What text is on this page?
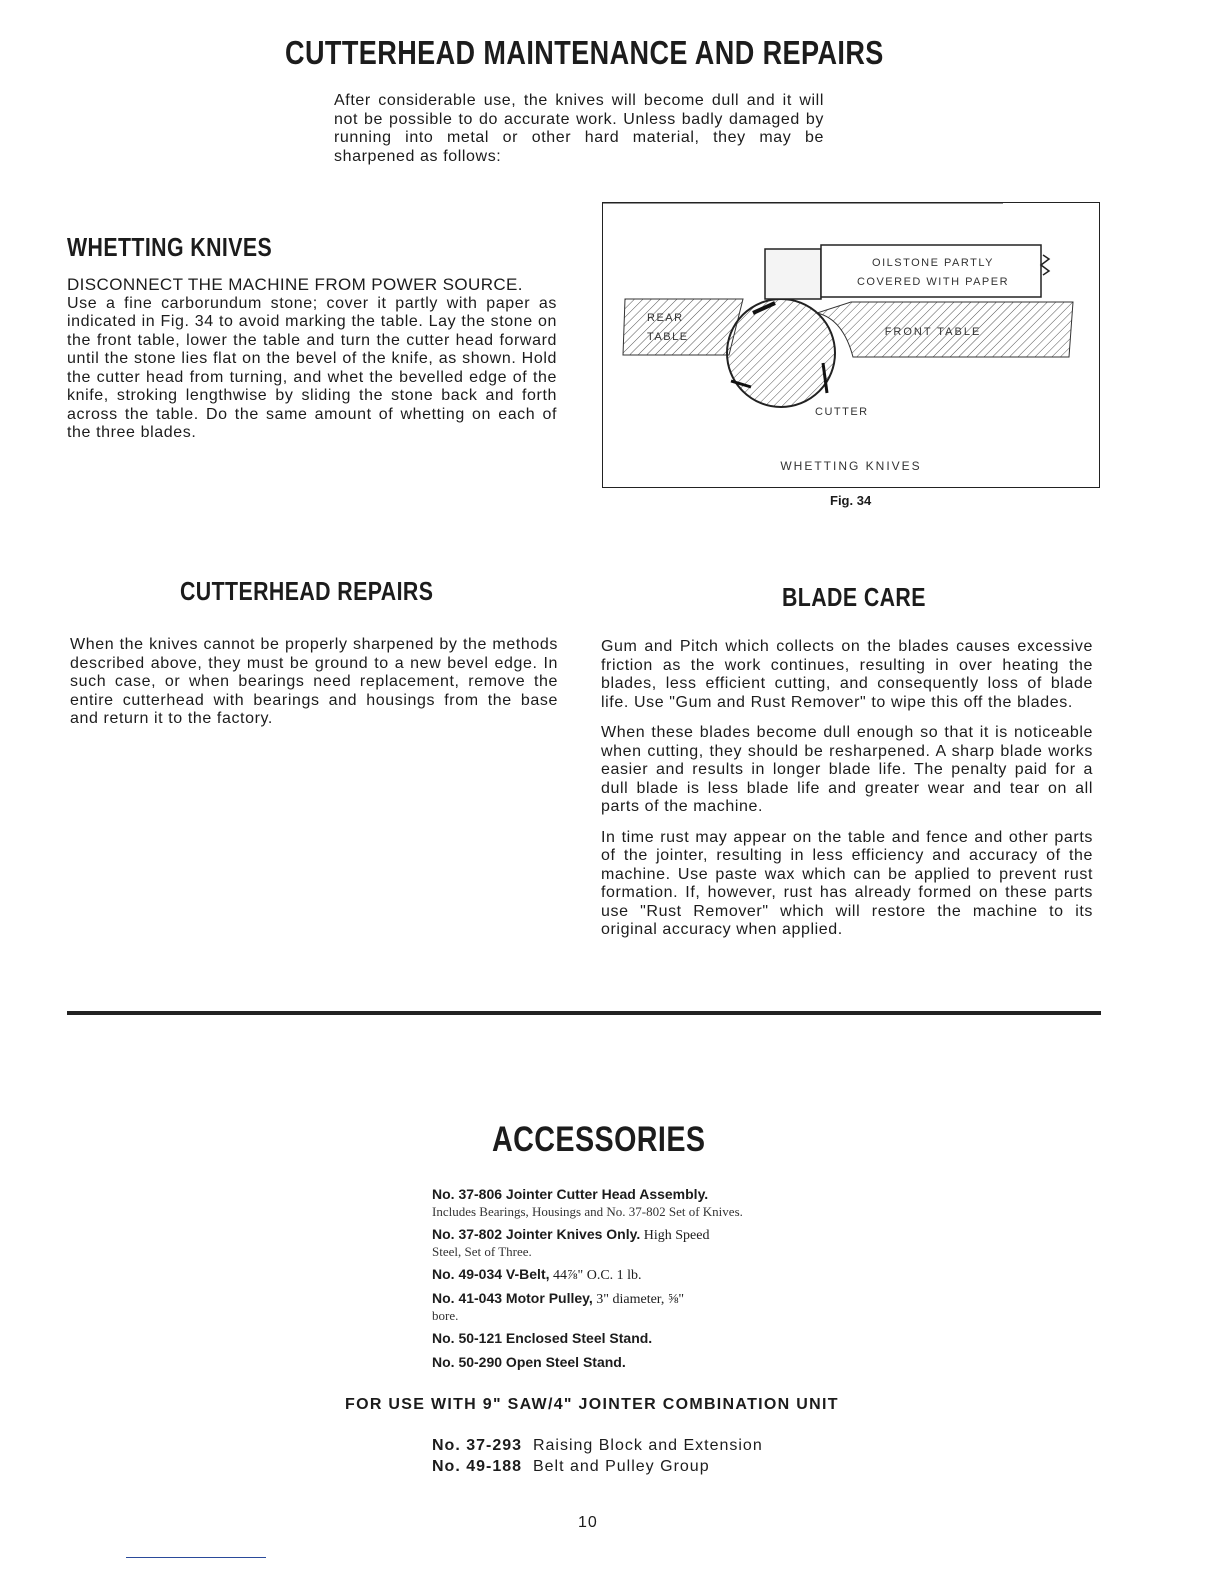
CUTTERHEAD MAINTENANCE AND REPAIRS

After considerable use, the knives will become dull and it will not be possible to do accurate work. Unless badly damaged by running into metal or other hard material, they may be sharpened as follows:

WHETTING KNIVES

DISCONNECT THE MACHINE FROM POWER SOURCE.

Use a fine carborundum stone; cover it partly with paper as indicated in Fig. 34 to avoid marking the table. Lay the stone on the front table, lower the table and turn the cutter head forward until the stone lies flat on the bevel of the knife, as shown. Hold the cutter head from turning, and whet the bevelled edge of the knife, stroking lengthwise by sliding the stone back and forth across the table. Do the same amount of whetting on each of the three blades.

OILSTONE PARTLY
COVERED WITH PAPER
REAR
TABLE	FRONT TABLE
CUTTER
WHETTING KNIVES
Fig. 34
CUTTERHEAD REPAIRS

When the knives cannot be properly sharpened by the methods described above, they must be ground to a new bevel edge. In such case, or when bearings need replacement, remove the entire cutterhead with bearings and housings from the base and return it to the factory.

BLADE CARE

Gum and Pitch which collects on the blades causes excessive friction as the work continues, resulting in over heating the blades, less efficient cutting, and consequently loss of blade life. Use "Gum and Rust Remover" to wipe this off the blades.

When these blades become dull enough so that it is noticeable when cutting, they should be resharpened. A sharp blade works easier and results in longer blade life. The penalty paid for a dull blade is less blade life and greater wear and tear on all parts of the machine.

In time rust may appear on the table and fence and other parts of the jointer, resulting in less efficiency and accuracy of the machine. Use paste wax which can be applied to prevent rust formation. If, however, rust has already formed on these parts use "Rust Remover" which will restore the machine to its original accuracy when applied.

ACCESSORIES
No. 37-806 Jointer Cutter Head Assembly.
Includes Bearings, Housings and No. 37-802 Set of Knives.
No. 37-802 Jointer Knives Only. High Speed
Steel, Set of Three.
No. 49-034 V-Belt, 44⅞" O.C. 1 lb.
No. 41-043 Motor Pulley, 3" diameter, ⅝"
bore.
No. 50-121 Enclosed Steel Stand.
No. 50-290 Open Steel Stand.
FOR USE WITH 9" SAW/4" JOINTER COMBINATION UNIT
No. 37-293 Raising Block and Extension
No. 49-188 Belt and Pulley Group
10
